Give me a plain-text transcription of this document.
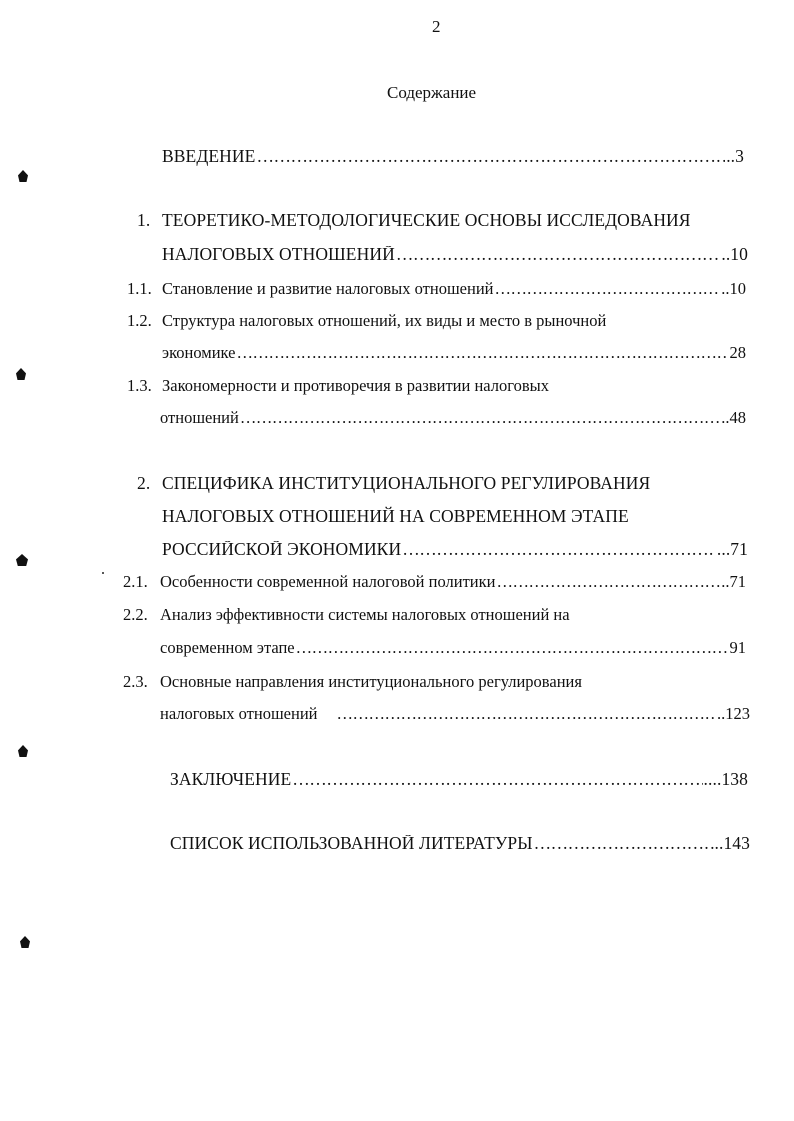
2
Содержание
ВВЕДЕНИЕ …………………………………………………………………………………………………………………………………………………………………………	..3
1. ТЕОРЕТИКО-МЕТОДОЛОГИЧЕСКИЕ ОСНОВЫ ИССЛЕДОВАНИЯ
НАЛОГОВЫХ ОТНОШЕНИЙ …………………………………………………………………………………………………………………………………………………………………………	..10
1.1. Становление и развитие налоговых отношений …………………………………………………………………………………………………………………………………………………………………………	..10
1.2. Структура налоговых отношений, их виды и место в рыночной
экономике …………………………………………………………………………………………………………………………………………………………………………	28
1.3. Закономерности и противоречия в развитии налоговых
отношений …………………………………………………………………………………………………………………………………………………………………………	..48
2. СПЕЦИФИКА ИНСТИТУЦИОНАЛЬНОГО РЕГУЛИРОВАНИЯ
НАЛОГОВЫХ ОТНОШЕНИЙ НА СОВРЕМЕННОМ ЭТАПЕ
РОССИЙСКОЙ ЭКОНОМИКИ …………………………………………………………………………………………………………………………………………………………………………	...71
2.1. Особенности современной налоговой политики …………………………………………………………………………………………………………………………………………………………………………	..71
2.2. Анализ эффективности системы налоговых отношений на
современном этапе …………………………………………………………………………………………………………………………………………………………………………	91
2.3. Основные направления институционального регулирования
налоговых отношений …………………………………………………………………………………………………………………………………………………………………………	..123
ЗАКЛЮЧЕНИЕ …………………………………………………………………………………………………………………………………………………………………………	....138
СПИСОК ИСПОЛЬЗОВАННОЙ ЛИТЕРАТУРЫ …………………………………………………………………………………………………………………………………………………………………………	..143
